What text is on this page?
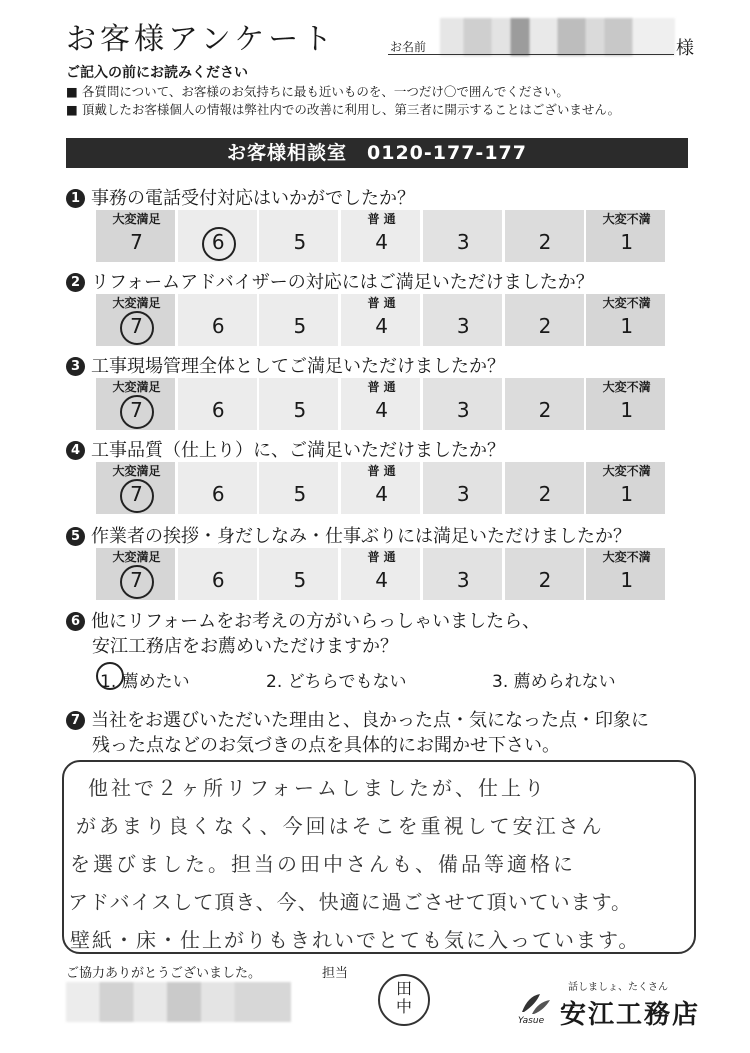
お客様アンケート	お名前	様
ご記入の前にお読みください
■ 各質問について、お客様のお気持ちに最も近いものを、一つだけ〇で囲んでください。
■ 頂戴したお客様個人の情報は弊社内での改善に利用し、第三者に開示することはございません。
お客様相談室　0120-177-177
1 事務の電話受付対応はいかがでしたか？
大変満足
7	6	5
普 通
4	3	2
大変不満
1
2 リフォームアドバイザーの対応にはご満足いただけましたか？
大変満足
7	6	5
普 通
4	3	2
大変不満
1
3 工事現場管理全体としてご満足いただけましたか？
大変満足
7	6	5
普 通
4	3	2
大変不満
1
4 工事品質（仕上り）に、ご満足いただけましたか？
大変満足
7	6	5
普 通
4	3	2
大変不満
1
5 作業者の挨拶・身だしなみ・仕事ぶりには満足いただけましたか？
大変満足
7	6	5
普 通
4	3	2
大変不満
1
6 他にリフォームをお考えの方がいらっしゃいましたら、
安江工務店をお薦めいただけますか？
1. 薦めたい	2. どちらでもない	3. 薦められない
7 当社をお選びいただいた理由と、良かった点・気になった点・印象に
残った点などのお気づきの点を具体的にお聞かせ下さい。
他社で２ヶ所リフォームしましたが、仕上り
があまり良くなく、今回はそこを重視して安江さん
を選びました。担当の田中さんも、備品等適格に
アドバイスして頂き、今、快適に過ごさせて頂いています。
壁紙・床・仕上がりもきれいでとても気に入っています。
ご協力ありがとうございました。	担当
田
中
話しましょ、たくさん
Yasue 安江工務店
